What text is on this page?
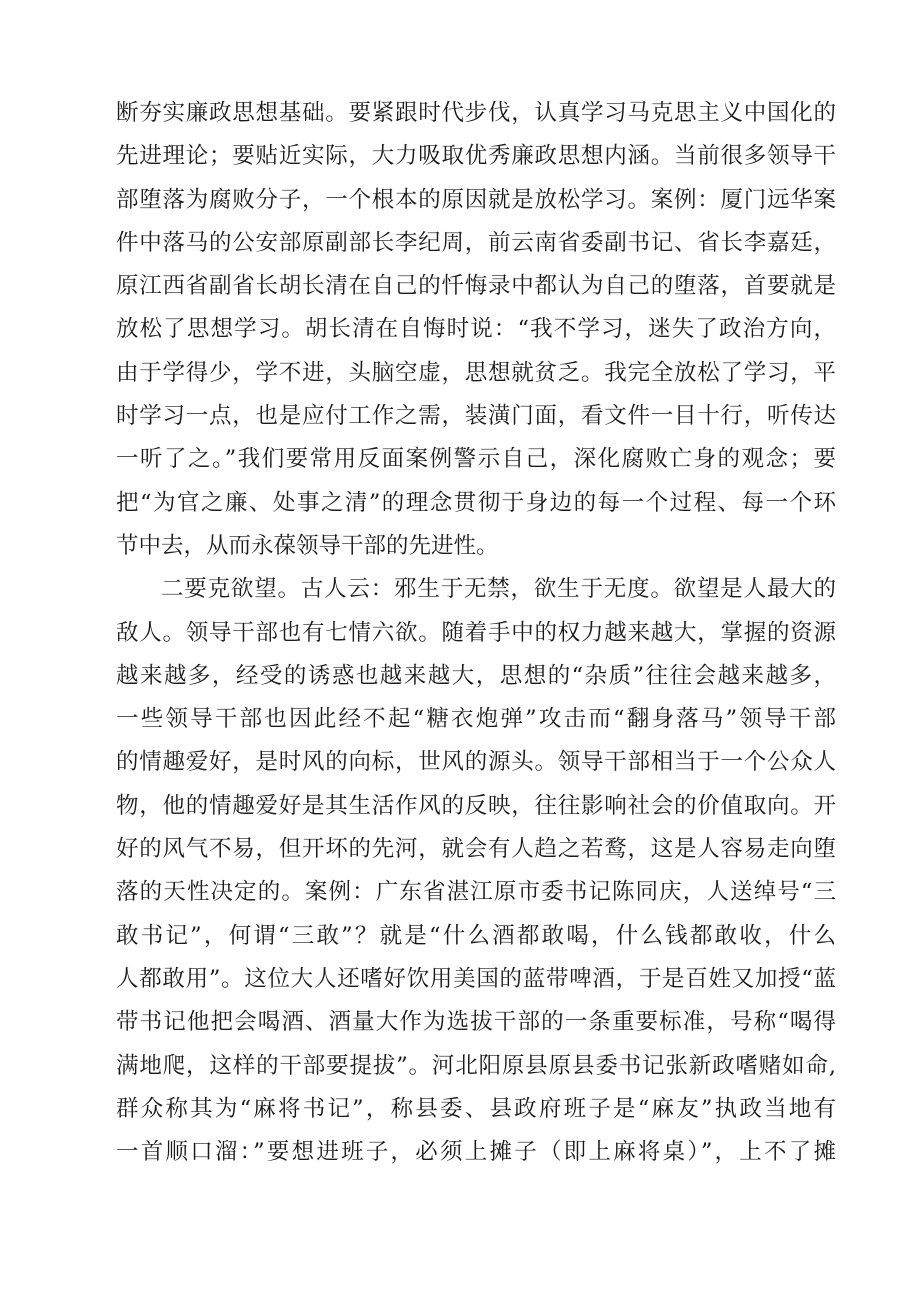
断夯实廉政思想基础。要紧跟时代步伐，认真学习马克思主义中国化的
先进理论；要贴近实际，大力吸取优秀廉政思想内涵。当前很多领导干
部堕落为腐败分子，一个根本的原因就是放松学习。案例：厦门远华案
件中落马的公安部原副部长李纪周，前云南省委副书记、省长李嘉廷，
原江西省副省长胡长清在自己的忏悔录中都认为自己的堕落，首要就是
放松了思想学习。胡长清在自悔时说：“我不学习，迷失了政治方向，
由于学得少，学不进，头脑空虚，思想就贫乏。我完全放松了学习，平
时学习一点，也是应付工作之需，装潢门面，看文件一目十行，听传达
一听了之。”我们要常用反面案例警示自己，深化腐败亡身的观念；要
把“为官之廉、处事之清”的理念贯彻于身边的每一个过程、每一个环
节中去，从而永葆领导干部的先进性。
二要克欲望。古人云：邪生于无禁，欲生于无度。欲望是人最大的
敌人。领导干部也有七情六欲。随着手中的权力越来越大，掌握的资源
越来越多，经受的诱惑也越来越大，思想的“杂质”往往会越来越多，
一些领导干部也因此经不起“糖衣炮弹”攻击而“翻身落马”领导干部
的情趣爱好，是时风的向标，世风的源头。领导干部相当于一个公众人
物，他的情趣爱好是其生活作风的反映，往往影响社会的价值取向。开
好的风气不易，但开坏的先河，就会有人趋之若鹜，这是人容易走向堕
落的天性决定的。案例：广东省湛江原市委书记陈同庆，人送绰号“三
敢书记”，何谓“三敢”？就是“什么酒都敢喝，什么钱都敢收，什么
人都敢用”。这位大人还嗜好饮用美国的蓝带啤酒，于是百姓又加授“蓝
带书记他把会喝酒、酒量大作为选拔干部的一条重要标准，号称“喝得
满地爬，这样的干部要提拔”。河北阳原县原县委书记张新政嗜赌如命,
群众称其为“麻将书记”，称县委、县政府班子是“麻友”执政当地有
一首顺口溜：”要想进班子，必须上摊子（即上麻将桌）”，上不了摊
